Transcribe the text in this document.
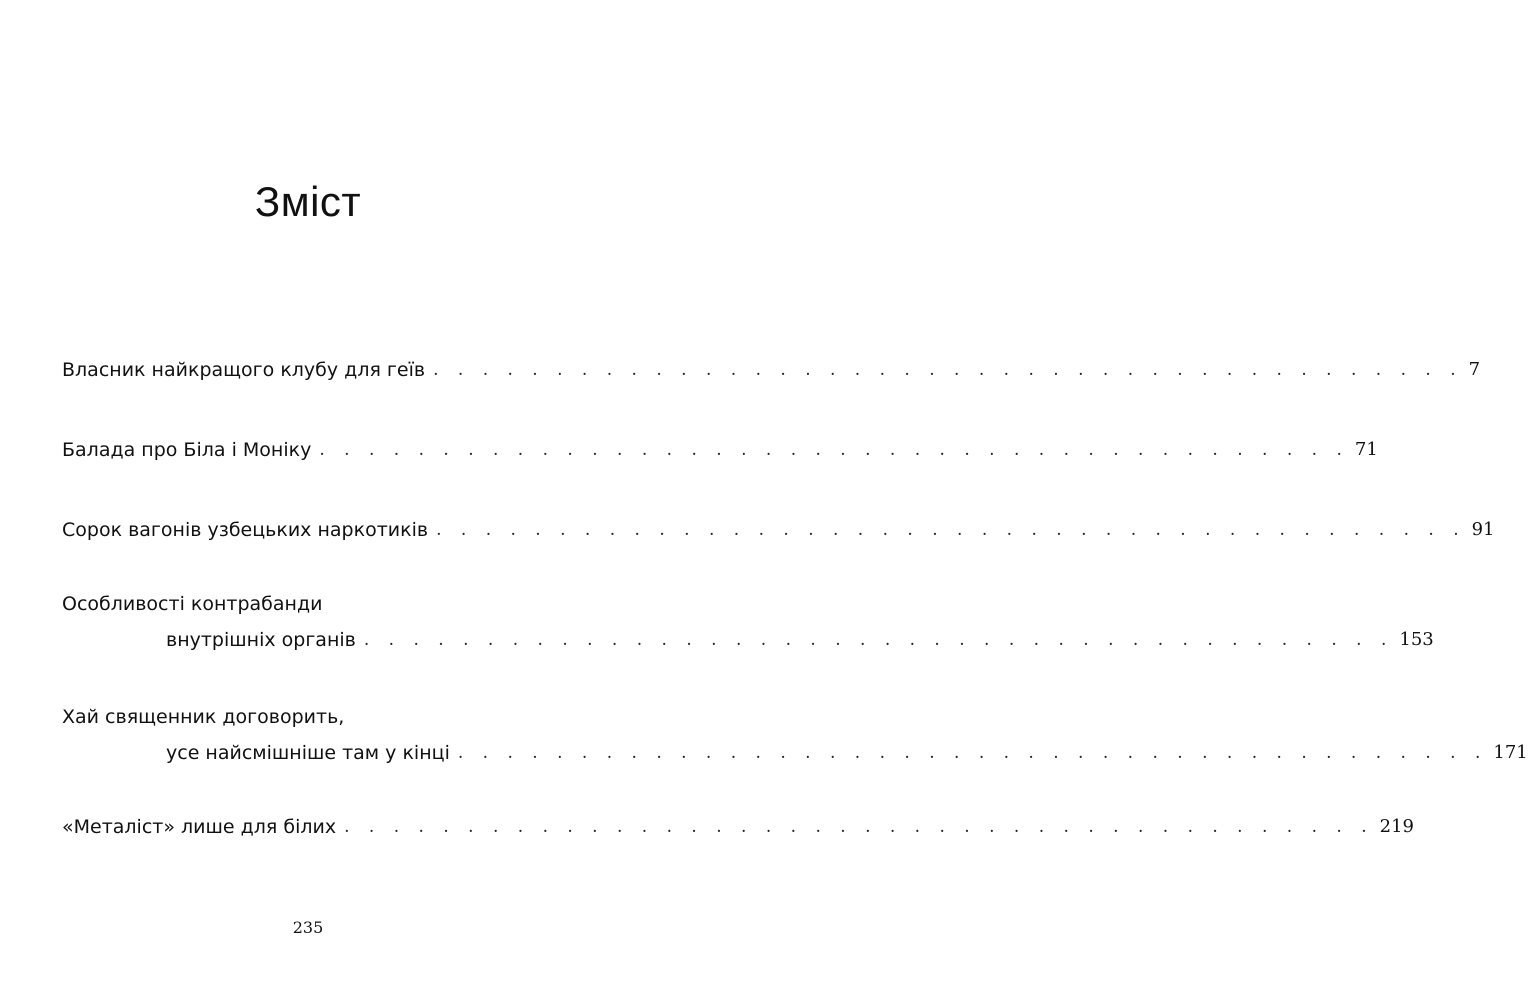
Зміст
Власник найкращого клубу для геїв . . . . . . . . . . . . . . . . . . . . . . . . . . . . . . . . . . . . . . . . . . 7
Балада про Біла і Моніку . . . . . . . . . . . . . . . . . . . . . . . . . . . . . . . . . . . . . . . . . . 71
Сорок вагонів узбецьких наркотиків . . . . . . . . . . . . . . . . . . . . . . . . . . . . . . . . . . . . . . . . . . 91
Особливості контрабанди
внутрішніх органів . . . . . . . . . . . . . . . . . . . . . . . . . . . . . . . . . . . . . . . . . . 153
Хай священник договорить,
усе найсмішніше там у кінці . . . . . . . . . . . . . . . . . . . . . . . . . . . . . . . . . . . . . . . . . . 171
«Металіст» лише для білих . . . . . . . . . . . . . . . . . . . . . . . . . . . . . . . . . . . . . . . . . . 219
235
